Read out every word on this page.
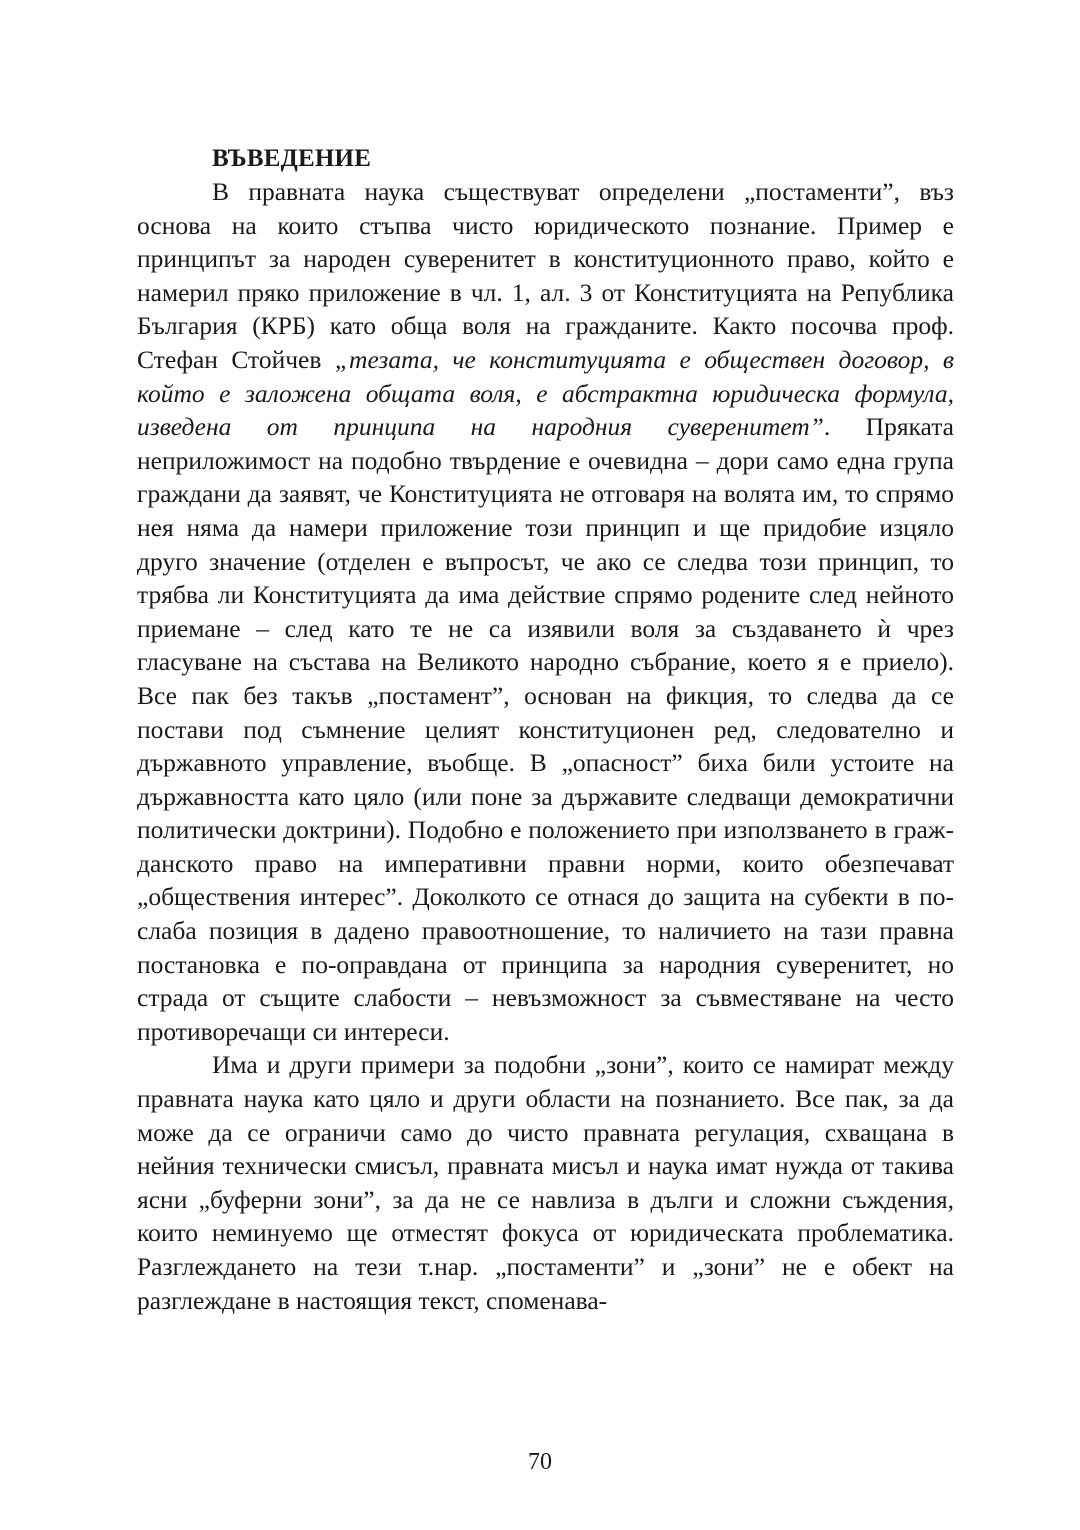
ВЪВЕДЕНИЕ

В правната наука съществуват определени „постаменти”, въз основа на които стъпва чисто юридическото познание. Пример е принципът за народен суверенитет в конституционното право, който е намерил пряко приложение в чл. 1, ал. 3 от Конституцията на Република България (КРБ) като обща воля на гражданите. Както посочва проф. Стефан Стойчев „тезата, че конституцията е обществен договор, в който е заложена общата воля, е абстрактна юридическа формула, изведена от принципа на народния суверенитет”. Пряката неприложимост на подобно твърдение е очевидна – дори само една група граждани да заявят, че Конституцията не отговаря на волята им, то спрямо нея няма да намери приложение този принцип и ще придобие изцяло друго значение (отделен е въпросът, че ако се следва този принцип, то трябва ли Конституцията да има действие спрямо родените след нейното приемане – след като те не са изявили воля за създаването ѝ чрез гласуване на състава на Великото народно събрание, което я е приело). Все пак без такъв „постамент”, основан на фикция, то следва да се постави под съмнение целият конституционен ред, следователно и държавното управление, въобще. В „опасност” биха били устоите на държавността като цяло (или поне за държавите следващи демократични политически доктрини). Подобно е положението при използването в гражданското право на императивни правни норми, които обезпечават „обществения интерес”. Доколкото се отнася до защита на субекти в по-слаба позиция в дадено правоотношение, то наличието на тази правна постановка е по-оправдана от принципа за народния суверенитет, но страда от същите слабости – невъзможност за съвместяване на често противоречащи си интереси.

Има и други примери за подобни „зони”, които се намират между правната наука като цяло и други области на познанието. Все пак, за да може да се ограничи само до чисто правната регулация, схващана в нейния технически смисъл, правната мисъл и наука имат нужда от такива ясни „буферни зони”, за да не се навлиза в дълги и сложни съждения, които неминуемо ще отместят фокуса от юридическата проблематика. Разглеждането на тези т.нар. „постаменти” и „зони” не е обект на разглеждане в настоящия текст, споменава-

70
